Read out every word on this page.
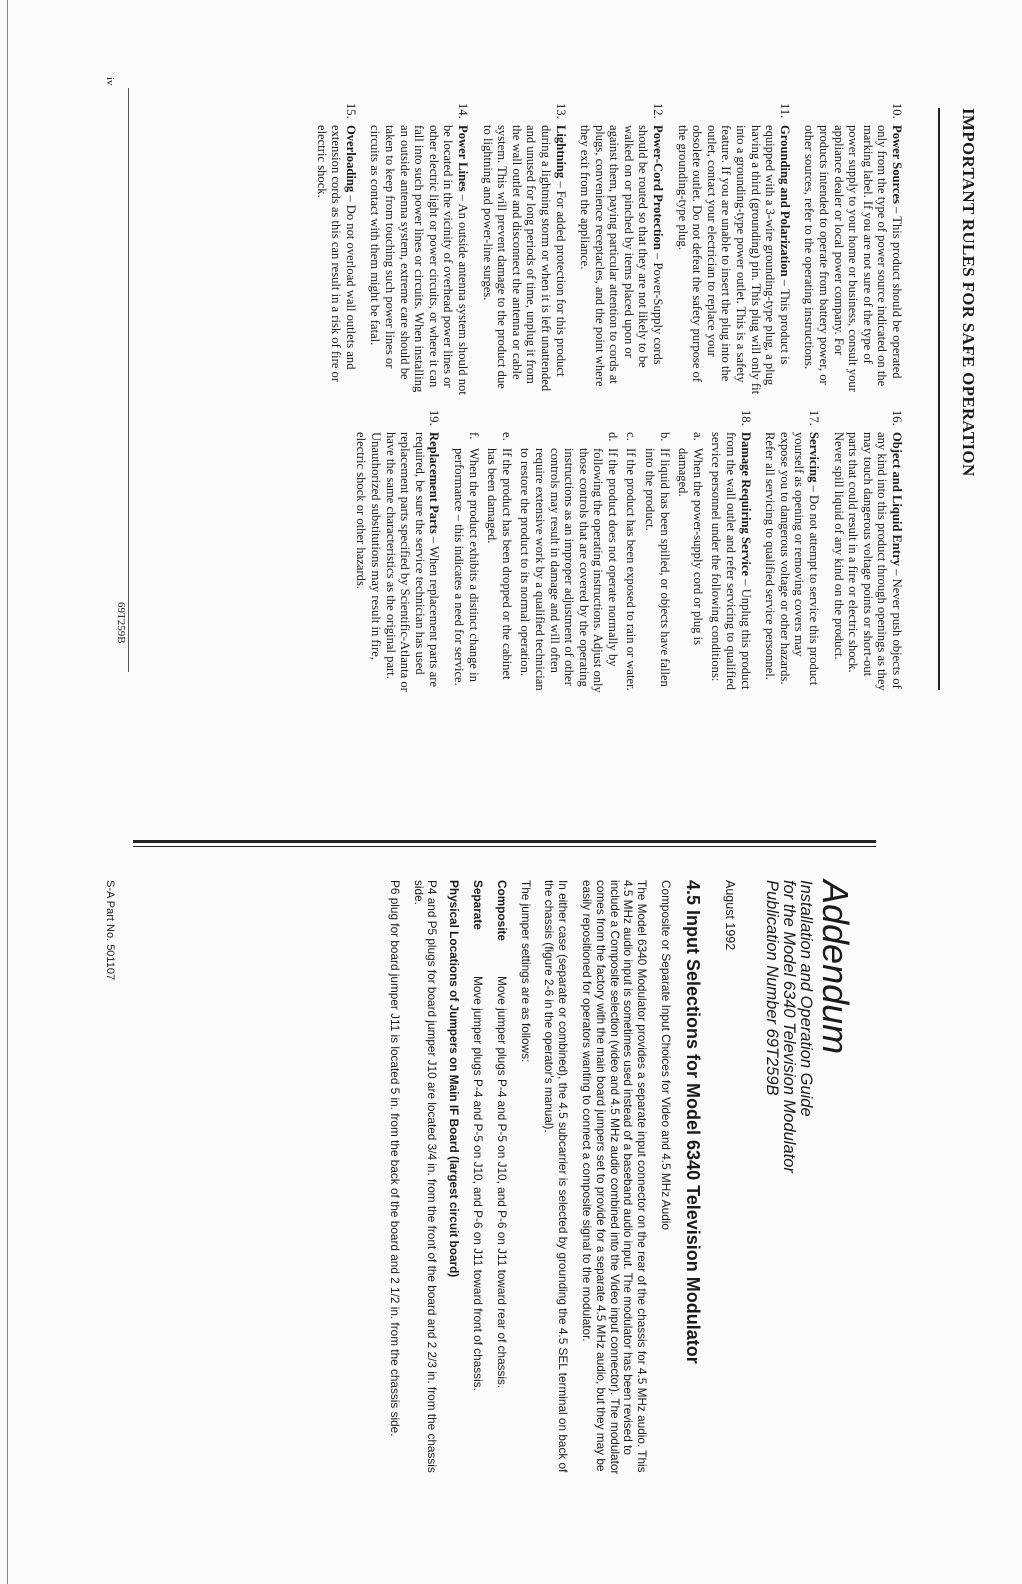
IMPORTANT RULES FOR SAFE OPERATION
10.
Power Sources – This product should be operated only from the type of power source indicated on the marking label. If you are not sure of the type of power supply to your home or business, consult your appliance dealer or local power company. For products intended to operate from battery power, or other sources, refer to the operating instructions.
11.
Grounding and Polarization – This product is equipped with a 3-wire grounding-type plug, a plug having a third (grounding) pin. This plug will only fit into a grounding-type power outlet. This is a safety feature. If you are unable to insert the plug into the outlet, contact your electrician to replace your obsolete outlet. Do not defeat the safety purpose of the grounding-type plug.
12.
Power-Cord Protection – Power-Supply cords should be routed so that they are not likely to be walked on or pinched by items placed upon or against them, paying particular attention to cords at plugs, convenience receptacles, and the point where they exit from the appliance.
13.
Lightning – For added protection for this product during a lightning storm or when it is left unattended and unused for long periods of time, unplug it from the wall outlet and disconnect the antenna or cable system. This will prevent damage to the product due to lightning and power-line surges.
14.
Power Lines – An outside antenna system should not be located in the vicinity of overhead power lines or other electric light or power circuits, or where it can fall into such power lines or circuits. When installing an outside antenna system, extreme care should be taken to keep from touching such power lines or circuits as contact with them might be fatal.
15.
Overloading – Do not overload wall outlets and extension cords as this can result in a risk of fire or electric shock.
16.
Object and Liquid Entry – Never push objects of any kind into this product through openings as they may touch dangerous voltage points or short-out parts that could result in a fire or electric shock. Never spill liquid of any kind on the product.
17.
Servicing – Do not attempt to service this product yourself as opening or removing covers may expose you to dangerous voltage or other hazards. Refer all servicing to qualified service personnel.
18.
Damage Requiring Service – Unplug this product from the wall outlet and refer servicing to qualified service personnel under the following conditions:
a.
When the power-supply cord or plug is damaged.
b.
If liquid has been spilled, or objects have fallen into the product.
c.
If the product has been exposed to rain or water.
d.
If the product does not operate normally by following the operating instructions. Adjust only those controls that are covered by the operating instructions as an improper adjustment of other controls may result in damage and will often require extensive work by a qualified technician to restore the product to its normal operation.
e.
If the product has been dropped or the cabinet has been damaged.
f.
When the product exhibits a distinct change in performance – this indicates a need for service.
19.
Replacement Parts – When replacement parts are required, be sure the service technician has used replacement parts specified by Scientific-Atlanta or have the same characteristics as the original part. Unauthorized substitutions may result in fire, electric shock or other hazards.
iv
69T259B
Addendum
Installation and Operation Guide
for the Model 6340 Television Modulator
Publication Number 69T259B
August 1992
4.5 Input Selections for Model 6340 Television Modulator

Composite or Separate Input Choices for Video and 4.5 MHz Audio

The Model 6340 Modulator provides a separate input connector on the rear of the chassis for 4.5 MHz audio. This 4.5 MHz audio input is sometimes used instead of a baseband audio input. The modulator has been revised to include a Composite selection (video and 4.5 MHz audio combined into the Video input connector). The modulator comes from the factory with the main board jumpers set to provide for a separate 4.5 MHz audio, but they may be easily repositioned for operators wanting to connect a composite signal to the modulator.

In either case (separate or combined), the 4.5 subcarrier is selected by grounding the 4.5 SEL terminal on back of the chassis (figure 2-6 in the operator's manual).

The jumper settings are as follows:

Composite
Move jumper plugs P-4 and P-5 on J10, and P-6 on J11 toward rear of chassis.
Separate
Move jumper plugs P-4 and P-5 on J10, and P-6 on J11 toward front of chassis.
Physical Locations of Jumpers on Main IF Board (largest circuit board)

P4 and P5 plugs for board jumper J10 are located 3/4 in. from the front of the board and 2 2/3 in. from the chassis side.

P6 plug for board jumper J11 is located 5 in. from the back of the board and 2 1/2 in. from the chassis side.

S-A Part No. 501107
